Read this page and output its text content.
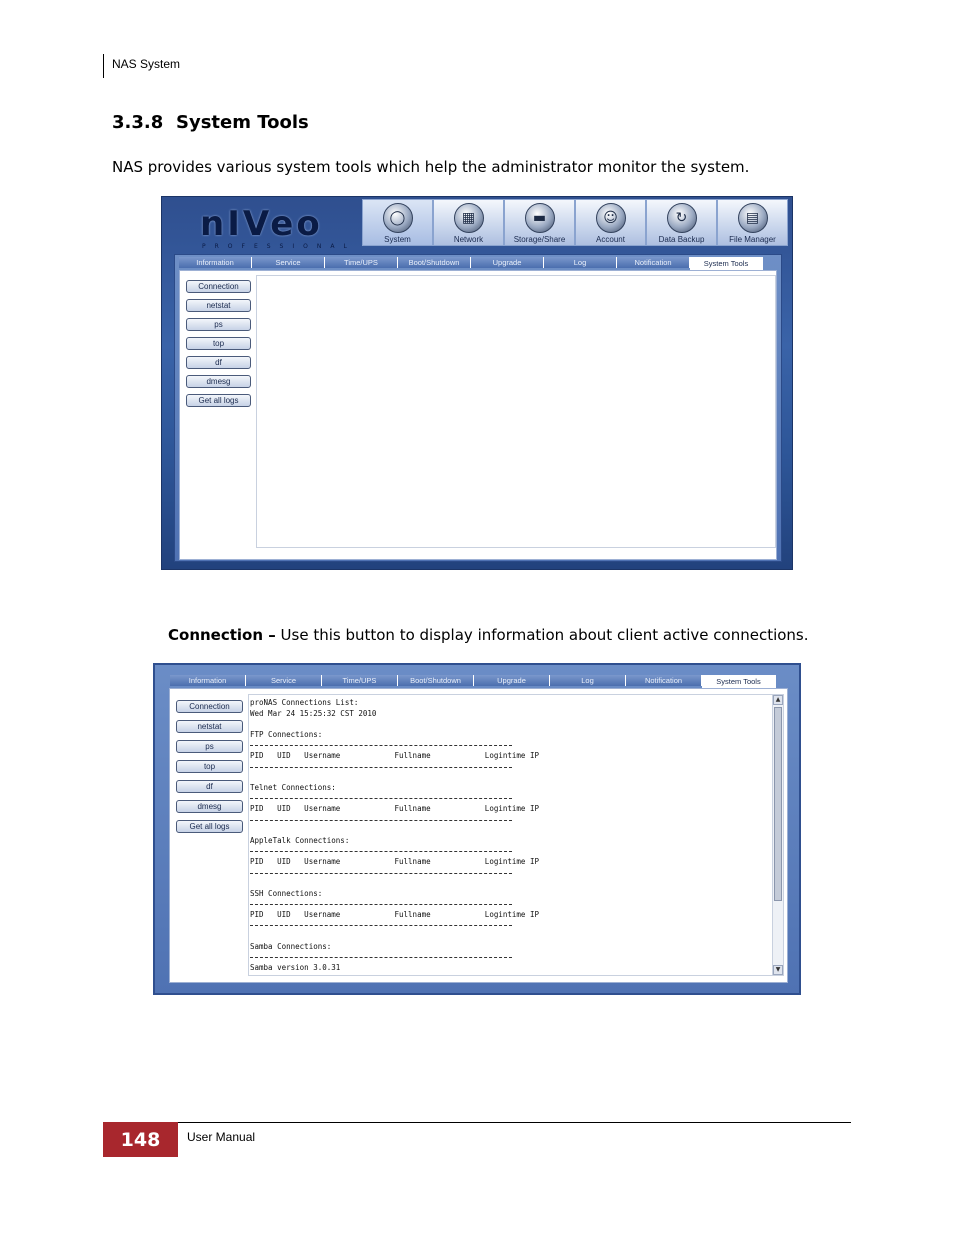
NAS System
3.3.8 System Tools
NAS provides various system tools which help the administrator monitor the system.
nIVeo
PROFESSIONAL
◯
System
▦
Network
▬
Storage/Share
☺
Account
↻
Data Backup
▤
File Manager
Information	Service	Time/UPS	Boot/Shutdown	Upgrade	Log	Notification	System Tools
Connection
netstat
ps
top
df
dmesg
Get all logs
Connection – Use this button to display information about client active connections.
Information	Service	Time/UPS	Boot/Shutdown	Upgrade	Log	Notification	System Tools
Connection
netstat
ps
top
df
dmesg
Get all logs
proNAS Connections List:
Wed Mar 24 15:25:32 CST 2010
FTP Connections:
PID   UID   Username            Fullname            Logintime IP
Telnet Connections:
PID   UID   Username            Fullname            Logintime IP
AppleTalk Connections:
PID   UID   Username            Fullname            Logintime IP
SSH Connections:
PID   UID   Username            Fullname            Logintime IP
Samba Connections:
Samba version 3.0.31
▲
▼
148	User Manual
